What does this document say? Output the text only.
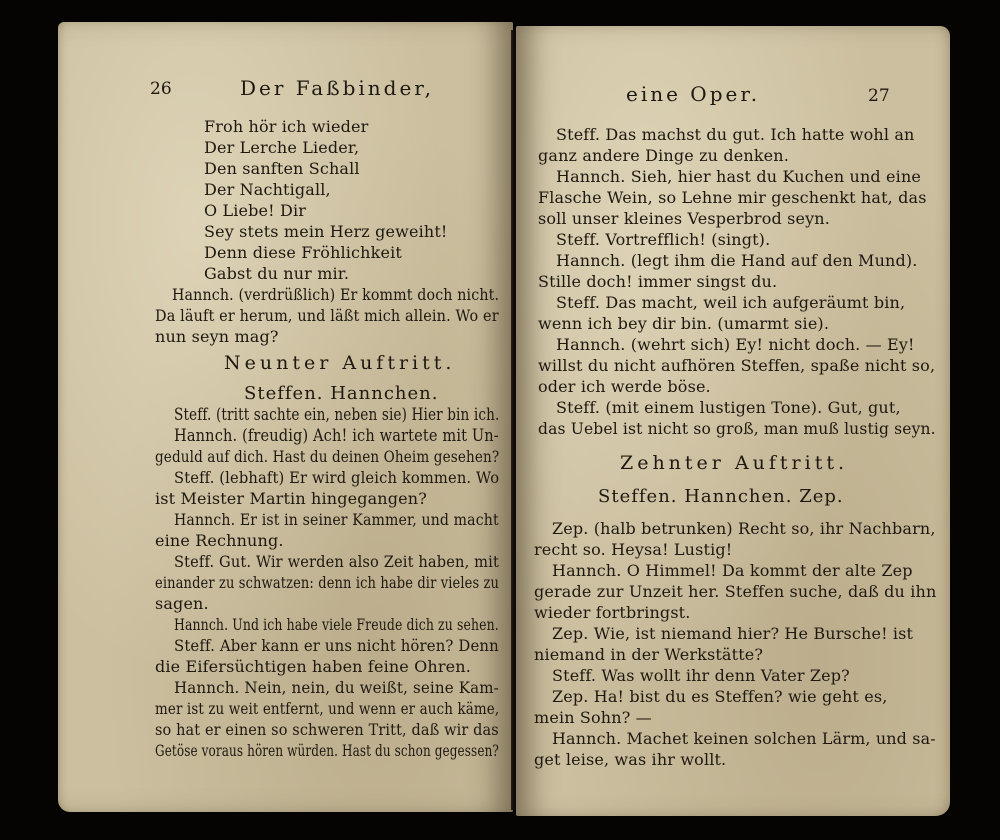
26	Der Faßbinder,
Froh hör ich wieder
Der Lerche Lieder,
Den sanften Schall
Der Nachtigall,
O Liebe! Dir
Sey stets mein Herz geweiht!
Denn diese Fröhlichkeit
Gabst du nur mir.
Hannch. (verdrüßlich) Er kommt doch nicht.
Da läuft er herum, und läßt mich allein. Wo er
nun seyn mag?
Neunter Auftritt.
Steffen. Hannchen.
Steff. (tritt sachte ein, neben sie) Hier bin ich.
Hannch. (freudig) Ach! ich wartete mit Un-
geduld auf dich. Hast du deinen Oheim gesehen?
Steff. (lebhaft) Er wird gleich kommen. Wo
ist Meister Martin hingegangen?
Hannch. Er ist in seiner Kammer, und macht
eine Rechnung.
Steff. Gut. Wir werden also Zeit haben, mit
einander zu schwatzen: denn ich habe dir vieles zu
sagen.
Hannch. Und ich habe viele Freude dich zu sehen.
Steff. Aber kann er uns nicht hören? Denn
die Eifersüchtigen haben feine Ohren.
Hannch. Nein, nein, du weißt, seine Kam-
mer ist zu weit entfernt, und wenn er auch käme,
so hat er einen so schweren Tritt, daß wir das
Getöse voraus hören würden. Hast du schon gegessen?
eine Oper.	27
Steff. Das machst du gut. Ich hatte wohl an
ganz andere Dinge zu denken.
Hannch. Sieh, hier hast du Kuchen und eine
Flasche Wein, so Lehne mir geschenkt hat, das
soll unser kleines Vesperbrod seyn.
Steff. Vortrefflich! (singt).
Hannch. (legt ihm die Hand auf den Mund).
Stille doch! immer singst du.
Steff. Das macht, weil ich aufgeräumt bin,
wenn ich bey dir bin. (umarmt sie).
Hannch. (wehrt sich) Ey! nicht doch. — Ey!
willst du nicht aufhören Steffen, spaße nicht so,
oder ich werde böse.
Steff. (mit einem lustigen Tone). Gut, gut,
das Uebel ist nicht so groß, man muß lustig seyn.
Zehnter Auftritt.
Steffen. Hannchen. Zep.
Zep. (halb betrunken) Recht so, ihr Nachbarn,
recht so. Heysa! Lustig!
Hannch. O Himmel! Da kommt der alte Zep
gerade zur Unzeit her. Steffen suche, daß du ihn
wieder fortbringst.
Zep. Wie, ist niemand hier? He Bursche! ist
niemand in der Werkstätte?
Steff. Was wollt ihr denn Vater Zep?
Zep. Ha! bist du es Steffen? wie geht es,
mein Sohn? —
Hannch. Machet keinen solchen Lärm, und sa-
get leise, was ihr wollt.
